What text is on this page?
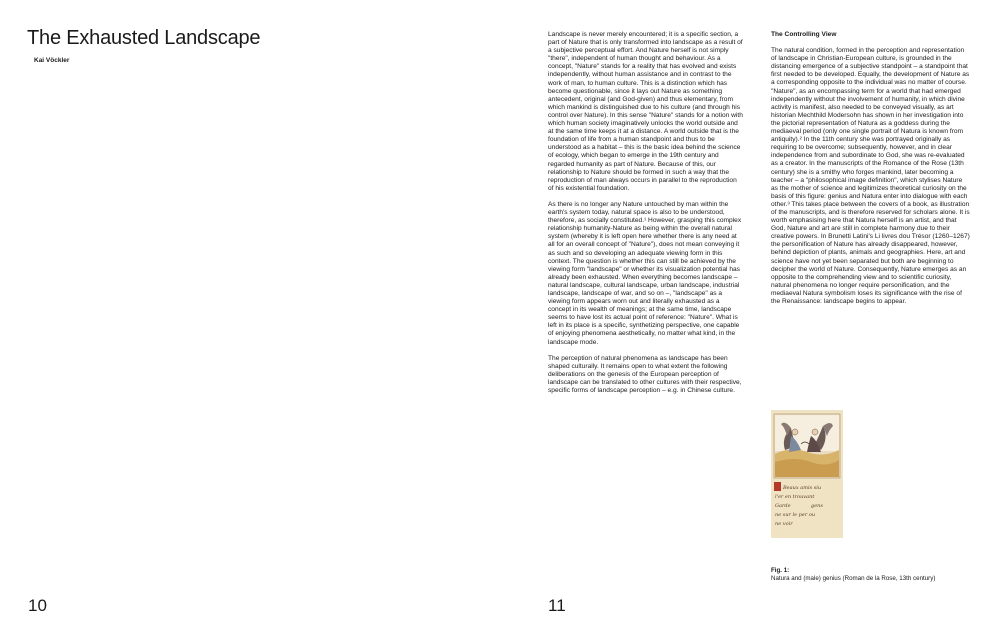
The Exhausted Landscape
Kai Vöckler
10

Landscape is never merely encountered; it is a specific section, a part of Nature that is only transformed into landscape as a result of a subjective perceptual effort. And Nature herself is not simply "there", independent of human thought and behaviour. As a concept, "Nature" stands for a reality that has evolved and exists independently, without human assistance and in contrast to the work of man, to human culture. This is a distinction which has become questionable, since it lays out Nature as something antecedent, original (and God-given) and thus elementary, from which mankind is distinguished due to his culture (and through his control over Nature). In this sense "Nature" stands for a notion with which human society imaginatively unlocks the world outside and at the same time keeps it at a distance. A world outside that is the foundation of life from a human standpoint and thus to be understood as a habitat – this is the basic idea behind the science of ecology, which began to emerge in the 19th century and regarded humanity as part of Nature. Because of this, our relationship to Nature should be formed in such a way that the reproduction of man always occurs in parallel to the reproduction of his existential foundation.

As there is no longer any Nature untouched by man within the earth's system today, natural space is also to be understood, therefore, as socially constituted.¹ However, grasping this complex relationship humanity-Nature as being within the overall natural system (whereby it is left open here whether there is any need at all for an overall concept of "Nature"), does not mean conveying it as such and so developing an adequate viewing form in this context. The question is whether this can still be achieved by the viewing form "landscape" or whether its visualization potential has already been exhausted. When everything becomes landscape – natural landscape, cultural landscape, urban landscape, industrial landscape, landscape of war, and so on –, "landscape" as a viewing form appears worn out and literally exhausted as a concept in its wealth of meanings; at the same time, landscape seems to have lost its actual point of reference: "Nature". What is left in its place is a specific, synthetizing perspective, one capable of enjoying phenomena aesthetically, no matter what kind, in the landscape mode.

The perception of natural phenomena as landscape has been shaped culturally. It remains open to what extent the following deliberations on the genesis of the European perception of landscape can be translated to other cultures with their respective, specific forms of landscape perception – e.g. in Chinese culture.

The Controlling View

The natural condition, formed in the perception and representation of landscape in Christian-European culture, is grounded in the distancing emergence of a subjective standpoint – a standpoint that first needed to be developed. Equally, the development of Nature as a corresponding opposite to the individual was no matter of course. "Nature", as an encompassing term for a world that had emerged independently without the involvement of humanity, in which divine activity is manifest, also needed to be conveyed visually, as art historian Mechthild Modersohn has shown in her investigation into the pictorial representation of Natura as a goddess during the mediaeval period (only one single portrait of Natura is known from antiquity).² In the 11th century she was portrayed originally as requiring to be overcome; subsequently, however, and in clear independence from and subordinate to God, she was re-evaluated as a creator. In the manuscripts of the Romance of the Rose (13th century) she is a smithy who forges mankind, later becoming a teacher – a "philosophical image definition", which stylises Nature as the mother of science and legitimizes theoretical curiosity on the basis of this figure: genius and Natura enter into dialogue with each other.³ This takes place between the covers of a book, as illustration of the manuscripts, and is therefore reserved for scholars alone. It is worth emphasising here that Natura herself is an artist, and that God, Nature and art are still in complete harmony due to their creative powers. In Brunetti Latini's Li livres dou Trésor (1260–1267) the personification of Nature has already disappeared, however, behind depiction of plants, animals and geographies. Here, art and science have not yet been separated but both are beginning to decipher the world of Nature. Consequently, Nature emerges as an opposite to the comprehending view and to scientific curiosity, natural phenomena no longer require personification, and the mediaeval Natura symbolism loses its significance with the rise of the Renaissance: landscape begins to appear.

Beaux amis siu
l'er en trouvant
Garde	gens
ne sur le per ou
ne voir
Fig. 1:
Natura and (male) genius (Roman de la Rose, 13th century)
11
